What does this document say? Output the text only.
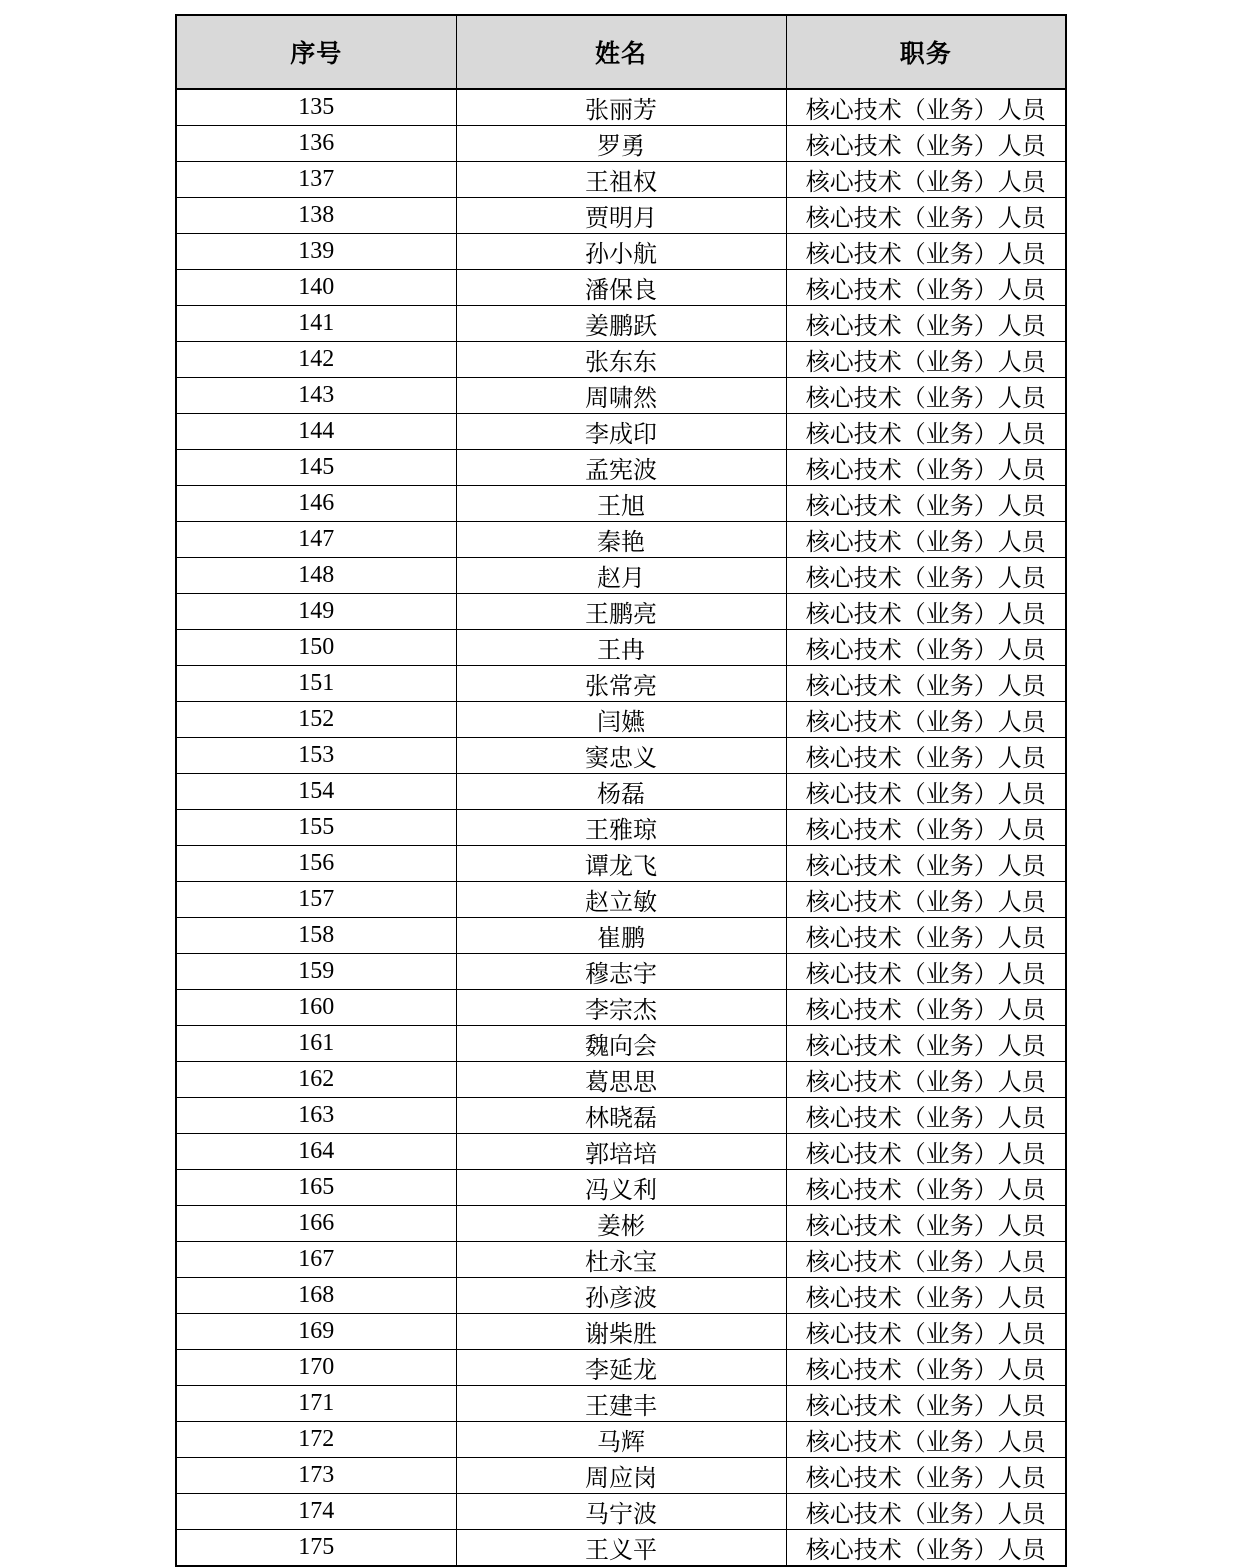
序号	姓名	职务
135	张丽芳	核心技术（业务）人员
136	罗勇	核心技术（业务）人员
137	王祖权	核心技术（业务）人员
138	贾明月	核心技术（业务）人员
139	孙小航	核心技术（业务）人员
140	潘保良	核心技术（业务）人员
141	姜鹏跃	核心技术（业务）人员
142	张东东	核心技术（业务）人员
143	周啸然	核心技术（业务）人员
144	李成印	核心技术（业务）人员
145	孟宪波	核心技术（业务）人员
146	王旭	核心技术（业务）人员
147	秦艳	核心技术（业务）人员
148	赵月	核心技术（业务）人员
149	王鹏亮	核心技术（业务）人员
150	王冉	核心技术（业务）人员
151	张常亮	核心技术（业务）人员
152	闫嬿	核心技术（业务）人员
153	窦忠义	核心技术（业务）人员
154	杨磊	核心技术（业务）人员
155	王雅琼	核心技术（业务）人员
156	谭龙飞	核心技术（业务）人员
157	赵立敏	核心技术（业务）人员
158	崔鹏	核心技术（业务）人员
159	穆志宇	核心技术（业务）人员
160	李宗杰	核心技术（业务）人员
161	魏向会	核心技术（业务）人员
162	葛思思	核心技术（业务）人员
163	林晓磊	核心技术（业务）人员
164	郭培培	核心技术（业务）人员
165	冯义利	核心技术（业务）人员
166	姜彬	核心技术（业务）人员
167	杜永宝	核心技术（业务）人员
168	孙彦波	核心技术（业务）人员
169	谢柴胜	核心技术（业务）人员
170	李延龙	核心技术（业务）人员
171	王建丰	核心技术（业务）人员
172	马辉	核心技术（业务）人员
173	周应岗	核心技术（业务）人员
174	马宁波	核心技术（业务）人员
175	王义平	核心技术（业务）人员
